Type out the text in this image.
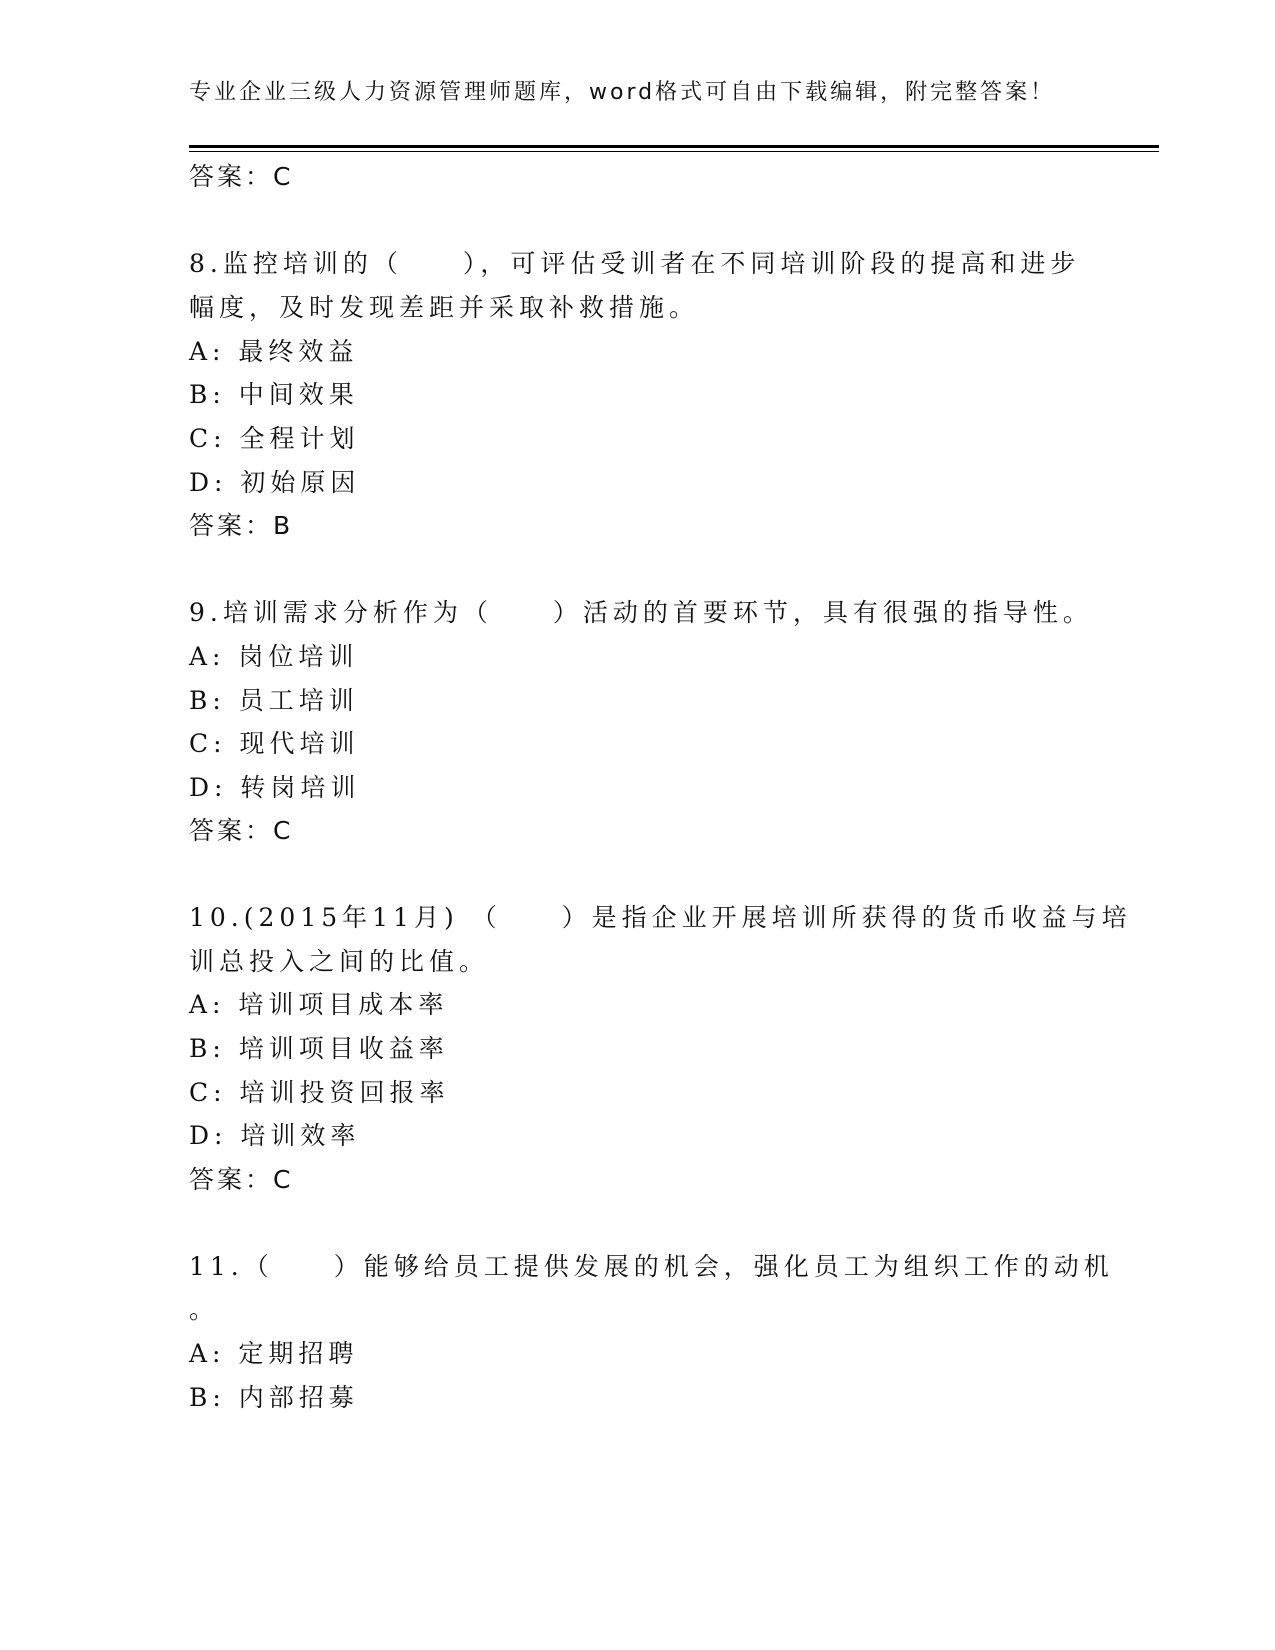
专业企业三级人力资源管理师题库，word格式可自由下载编辑，附完整答案！
答案：C
8.监控培训的（　　），可评估受训者在不同培训阶段的提高和进步
幅度，及时发现差距并采取补救措施。
A: 最终效益
B: 中间效果
C: 全程计划
D: 初始原因
答案：B
9.培训需求分析作为（　　）活动的首要环节，具有很强的指导性。
A: 岗位培训
B: 员工培训
C: 现代培训
D: 转岗培训
答案：C
10.(2015年11月) （　　）是指企业开展培训所获得的货币收益与培
训总投入之间的比值。
A: 培训项目成本率
B: 培训项目收益率
C: 培训投资回报率
D: 培训效率
答案：C
11.（　　）能够给员工提供发展的机会，强化员工为组织工作的动机
。
A: 定期招聘
B: 内部招募
